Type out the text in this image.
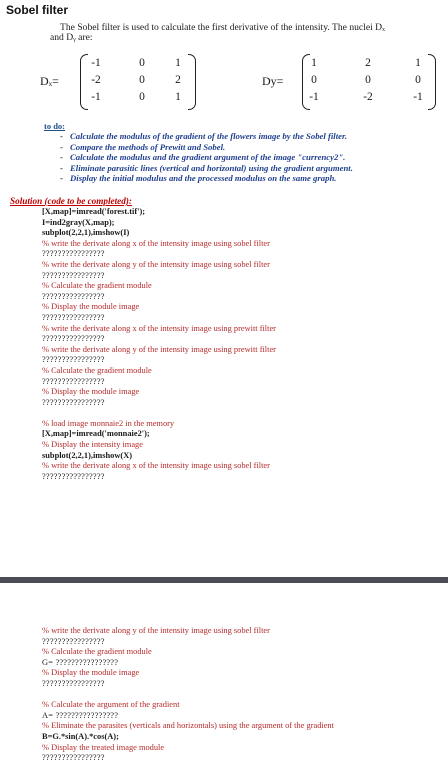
Sobel filter
The Sobel filter is used to calculate the first derivative of the intensity. The nuclei Dₓ
and Dᵧ are:
Dₓ=
-1	0	1
-2	0	2
-1	0	1
Dy=
1	2	1
0	0	0
-1	-2	-1
to do:
- Calculate the modulus of the gradient of the flowers image by the Sobel filter.
- Compare the methods of Prewitt and Sobel.
- Calculate the modulus and the gradient argument of the image "currency2".
- Eliminate parasitic lines (vertical and horizontal) using the gradient argument.
- Display the initial modulus and the processed modulus on the same graph.
Solution (code to be completed):
[X,map]=imread('forest.tif');
I=ind2gray(X,map);
subplot(2,2,1),imshow(I)
% write the derivate along x of the intensity image using sobel filter
????????????????
% write the derivate along y of the intensity image using sobel filter
????????????????
% Calculate the gradient module
????????????????
% Display the module image
????????????????
% write the derivate along x of the intensity image using prewitt filter
????????????????
% write the derivate along y of the intensity image using prewitt filter
????????????????
% Calculate the gradient module
????????????????
% Display the module image
????????????????
% load image monnaie2 in the memory
[X,map]=imread('monnaie2');
% Display the intensity image
subplot(2,2,1),imshow(X)
% write the derivate along x of the intensity image using sobel filter
????????????????
% write the derivate along y of the intensity image using sobel filter
????????????????
% Calculate the gradient module
G= ????????????????
% Display the module image
????????????????
% Calculate the argument of the gradient
A= ????????????????
% Eliminate the parasites (verticals and horizontals) using the argument of the gradient
B=G.*sin(A).*cos(A);
% Display the treated image module
????????????????
